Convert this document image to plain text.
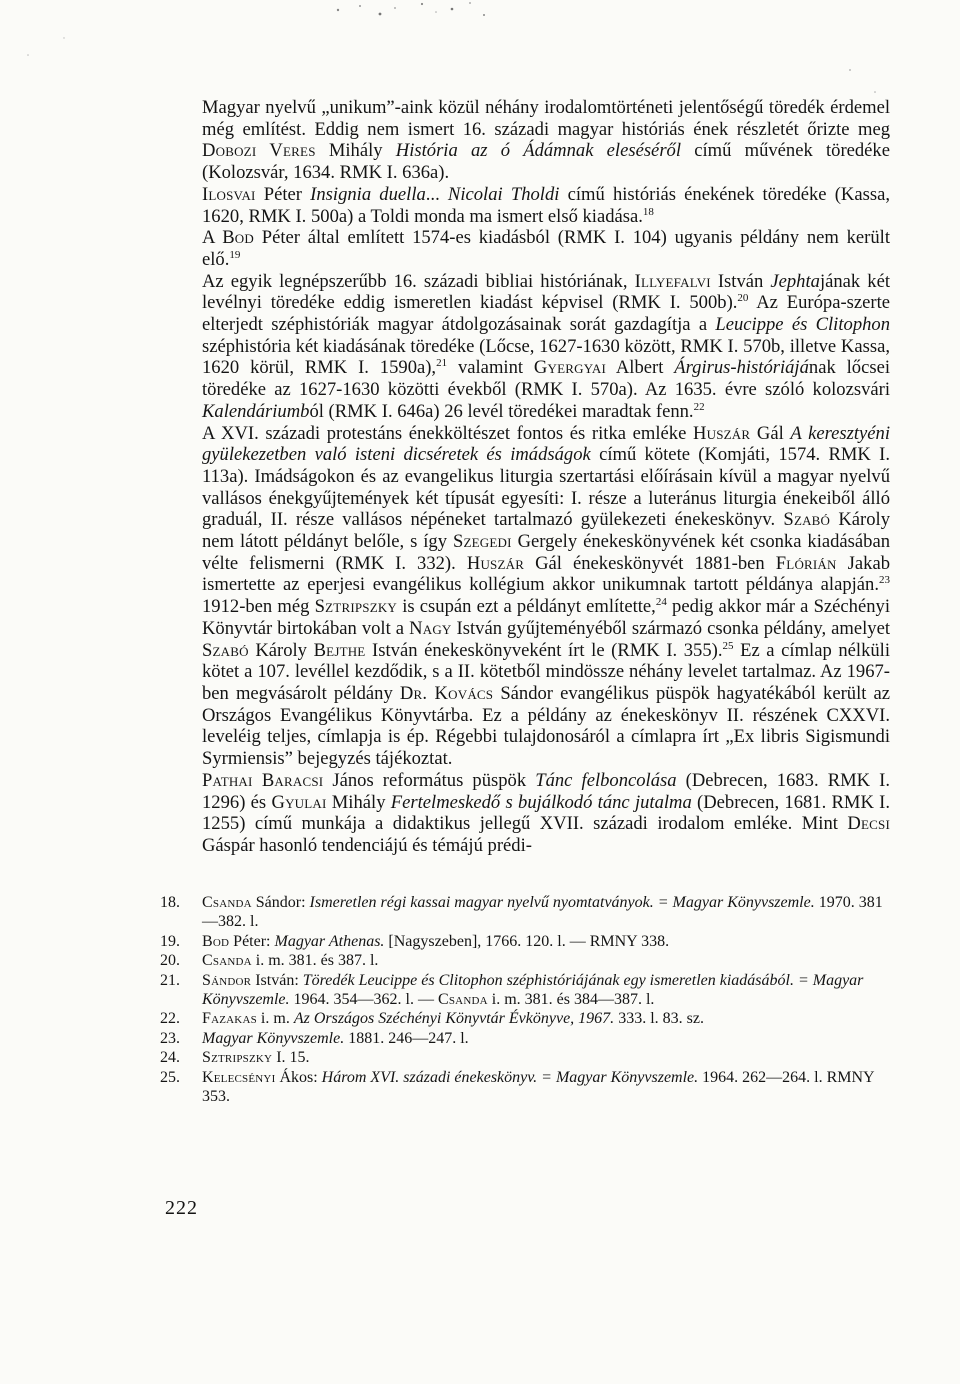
Magyar nyelvű „unikum”-aink közül néhány irodalomtörténeti jelentőségű töredék érdemel még említést. Eddig nem ismert 16. századi magyar históriás ének részletét őrizte meg Dobozi Veres Mihály História az ó Ádámnak eleséséről című művének töredéke (Kolozsvár, 1634. RMK I. 636a).

Ilosvai Péter Insignia duella... Nicolai Tholdi című históriás énekének töredéke (Kassa, 1620, RMK I. 500a) a Toldi monda ma ismert első kiadása.$^{18}$

A Bod Péter által említett 1574-es kiadásból (RMK I. 104) ugyanis példány nem került elő.$^{19}$

Az egyik legnépszerűbb 16. századi bibliai históriának, Illyefalvi István Jephtajának két levélnyi töredéke eddig ismeretlen kiadást képvisel (RMK I. 500b).$^{20}$ Az Európa-szerte elterjedt széphistóriák magyar átdolgozásainak sorát gazdagítja a Leucippe és Clitophon széphistória két kiadásának töredéke (Lőcse, 1627-1630 között, RMK I. 570b, illetve Kassa, 1620 körül, RMK I. 1590a),$^{21}$ valamint Gyergyai Albert Árgirus-históriájának lőcsei töredéke az 1627-1630 közötti évekből (RMK I. 570a). Az 1635. évre szóló kolozsvári Kalendáriumból (RMK I. 646a) 26 levél töredékei maradtak fenn.$^{22}$

A XVI. századi protestáns énekköltészet fontos és ritka emléke Huszár Gál A keresztyéni gyülekezetben való isteni dicséretek és imádságok című kötete (Komjáti, 1574. RMK I. 113a). Imádságokon és az evangelikus liturgia szertartási előírásain kívül a magyar nyelvű vallásos énekgyűjtemények két típusát egyesíti: I. része a luteránus liturgia énekeiből álló graduál, II. része vallásos népéneket tartalmazó gyülekezeti énekeskönyv. Szabó Károly nem látott példányt belőle, s így Szegedi Gergely énekeskönyvének két csonka kiadásában vélte felismerni (RMK I. 332). Huszár Gál énekeskönyvét 1881-ben Flórián Jakab ismertette az eperjesi evangélikus kollégium akkor unikumnak tartott példánya alapján.$^{23}$ 1912-ben még Sztripszky is csupán ezt a példányt említette,$^{24}$ pedig akkor már a Széchényi Könyvtár birtokában volt a Nagy István gyűjteményéből származó csonka példány, amelyet Szabó Károly Bejthe István énekeskönyveként írt le (RMK I. 355).$^{25}$ Ez a címlap nélküli kötet a 107. levéllel kezdődik, s a II. kötetből mindössze néhány levelet tartalmaz. Az 1967-ben megvásárolt példány Dr. Kovács Sándor evangélikus püspök hagyatékából került az Országos Evangélikus Könyvtárba. Ez a példány az énekeskönyv II. részének CXXVI. leveléig teljes, címlapja is ép. Régebbi tulajdonosáról a címlapra írt „Ex libris Sigismundi Syrmiensis” bejegyzés tájékoztat.

Pathai Baracsi János református püspök Tánc felboncolása (Debrecen, 1683. RMK I. 1296) és Gyulai Mihály Fertelmeskedő s bujálkodó tánc jutalma (Debrecen, 1681. RMK I. 1255) című munkája a didaktikus jellegű XVII. századi irodalom emléke. Mint Decsi Gáspár hasonló tendenciájú és témájú prédi-

18.	Csanda Sándor: Ismeretlen régi kassai magyar nyelvű nyomtatványok. = Magyar Könyvszemle. 1970. 381—382. l.
19.	Bod Péter: Magyar Athenas. [Nagyszeben], 1766. 120. l. — RMNY 338.
20.	Csanda i. m. 381. és 387. l.
21.	Sándor István: Töredék Leucippe és Clitophon széphistóriájának egy ismeretlen kiadásából. = Magyar Könyvszemle. 1964. 354—362. l. — Csanda i. m. 381. és 384—387. l.
22.	Fazakas i. m. Az Országos Széchényi Könyvtár Évkönyve, 1967. 333. l. 83. sz.
23.	Magyar Könyvszemle. 1881. 246—247. l.
24.	Sztripszky I. 15.
25.	Kelecsényi Ákos: Három XVI. századi énekeskönyv. = Magyar Könyvszemle. 1964. 262—264. l. RMNY 353.
222
